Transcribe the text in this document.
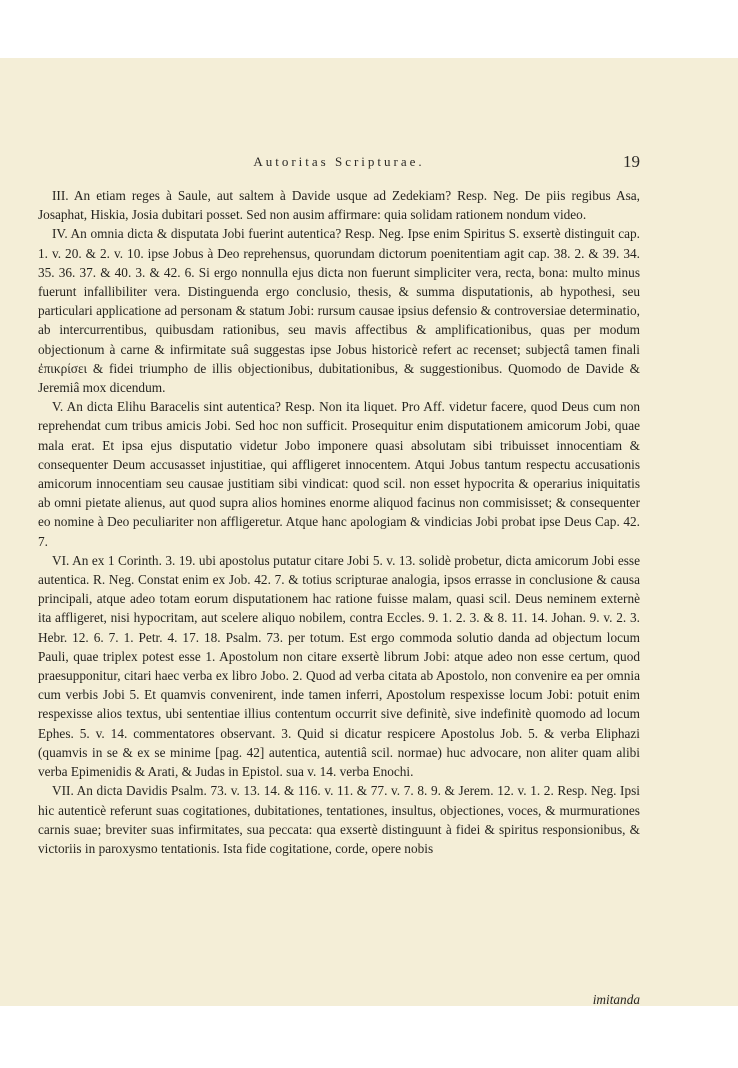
Autoritas Scripturae.	19

III. An etiam reges à Saule, aut saltem à Davide usque ad Zedekiam? Resp. Neg. De piis regibus Asa, Josaphat, Hiskia, Josia dubitari posset. Sed non ausim affirmare: quia solidam rationem nondum video.

IV. An omnia dicta & disputata Jobi fuerint autentica? Resp. Neg. Ipse enim Spiritus S. exsertè distinguit cap. 1. v. 20. & 2. v. 10. ipse Jobus à Deo reprehensus, quorundam dictorum poenitentiam agit cap. 38. 2. & 39. 34. 35. 36. 37. & 40. 3. & 42. 6. Si ergo nonnulla ejus dicta non fuerunt simpliciter vera, recta, bona: multo minus fuerunt infallibiliter vera. Distinguenda ergo conclusio, thesis, & summa disputationis, ab hypothesi, seu particulari applicatione ad personam & statum Jobi: rursum causae ipsius defensio & controversiae determinatio, ab intercurrentibus, quibusdam rationibus, seu mavis affectibus & amplificationibus, quas per modum objectionum à carne & infirmitate suâ suggestas ipse Jobus historicè refert ac recenset; subjectâ tamen finali ἐπικρίσει & fidei triumpho de illis objectionibus, dubitationibus, & suggestionibus. Quomodo de Davide & Jeremiâ mox dicendum.

V. An dicta Elihu Baracelis sint autentica? Resp. Non ita liquet. Pro Aff. videtur facere, quod Deus cum non reprehendat cum tribus amicis Jobi. Sed hoc non sufficit. Prosequitur enim disputationem amicorum Jobi, quae mala erat. Et ipsa ejus disputatio videtur Jobo imponere quasi absolutam sibi tribuisset innocentiam & consequenter Deum accusasset injustitiae, qui affligeret innocentem. Atqui Jobus tantum respectu accusationis amicorum innocentiam seu causae justitiam sibi vindicat: quod scil. non esset hypocrita & operarius iniquitatis ab omni pietate alienus, aut quod supra alios homines enorme aliquod facinus non commisisset; & consequenter eo nomine à Deo peculiariter non affligeretur. Atque hanc apologiam & vindicias Jobi probat ipse Deus Cap. 42. 7.

VI. An ex 1 Corinth. 3. 19. ubi apostolus putatur citare Jobi 5. v. 13. solidè probetur, dicta amicorum Jobi esse autentica. R. Neg. Constat enim ex Job. 42. 7. & totius scripturae analogia, ipsos errasse in conclusione & causa principali, atque adeo totam eorum disputationem hac ratione fuisse malam, quasi scil. Deus neminem externè ita affligeret, nisi hypocritam, aut scelere aliquo nobilem, contra Eccles. 9. 1. 2. 3. & 8. 11. 14. Johan. 9. v. 2. 3. Hebr. 12. 6. 7. 1. Petr. 4. 17. 18. Psalm. 73. per totum. Est ergo commoda solutio danda ad objectum locum Pauli, quae triplex potest esse 1. Apostolum non citare exsertè librum Jobi: atque adeo non esse certum, quod praesupponitur, citari haec verba ex libro Jobo. 2. Quod ad verba citata ab Apostolo, non convenire ea per omnia cum verbis Jobi 5. Et quamvis convenirent, inde tamen inferri, Apostolum respexisse locum Jobi: potuit enim respexisse alios textus, ubi sententiae illius contentum occurrit sive definitè, sive indefinitè quomodo ad locum Ephes. 5. v. 14. commentatores observant. 3. Quid si dicatur respicere Apostolus Job. 5. & verba Eliphazi (quamvis in se & ex se minime [pag. 42] autentica, autentiâ scil. normae) huc advocare, non aliter quam alibi verba Epimenidis & Arati, & Judas in Epistol. sua v. 14. verba Enochi.

VII. An dicta Davidis Psalm. 73. v. 13. 14. & 116. v. 11. & 77. v. 7. 8. 9. & Jerem. 12. v. 1. 2. Resp. Neg. Ipsi hic autenticè referunt suas cogitationes, dubitationes, tentationes, insultus, objectiones, voces, & murmurationes carnis suae; breviter suas infirmitates, sua peccata: qua exsertè distinguunt à fidei & spiritus responsionibus, & victoriis in paroxysmo tentationis. Ista fide cogitatione, corde, opere nobis

imitanda
